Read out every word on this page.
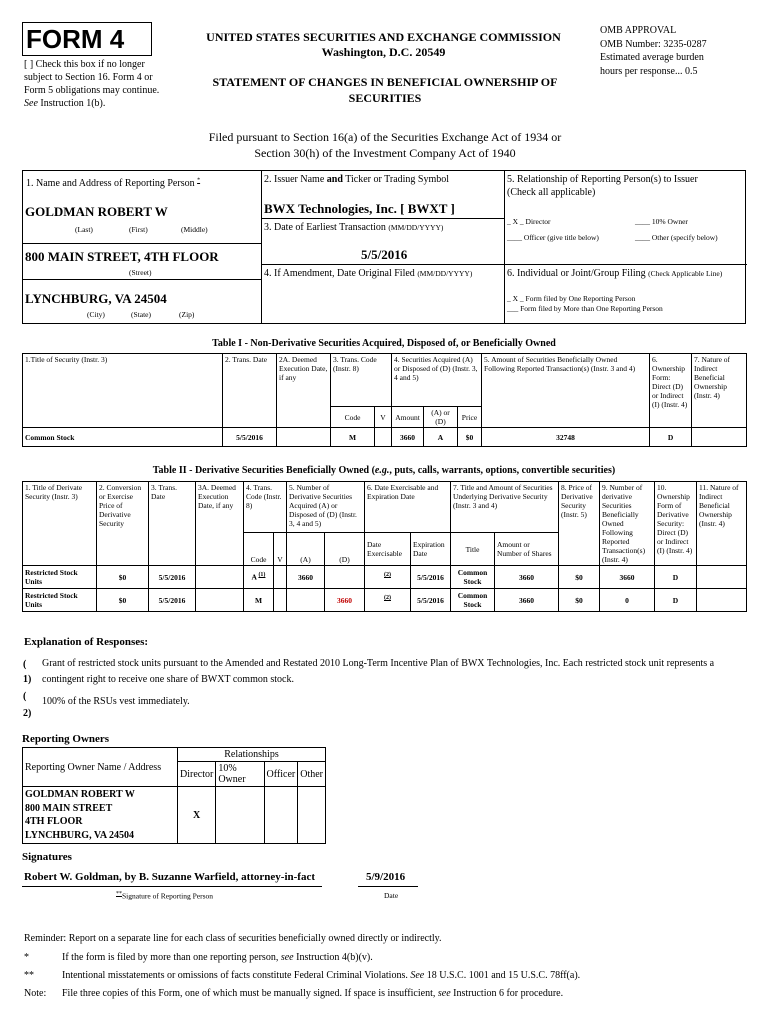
FORM 4
[ ] Check this box if no longer subject to Section 16. Form 4 or Form 5 obligations may continue. See Instruction 1(b).
UNITED STATES SECURITIES AND EXCHANGE COMMISSION
Washington, D.C. 20549
STATEMENT OF CHANGES IN BENEFICIAL OWNERSHIP OF SECURITIES
OMB APPROVAL
OMB Number: 3235-0287
Estimated average burden
hours per response... 0.5
Filed pursuant to Section 16(a) of the Securities Exchange Act of 1934 or
Section 30(h) of the Investment Company Act of 1940
1. Name and Address of Reporting Person *
GOLDMAN ROBERT W
(Last)	(First)	(Middle)
800 MAIN STREET, 4TH FLOOR
(Street)
LYNCHBURG, VA 24504
(City)	(State)	(Zip)
2. Issuer Name and Ticker or Trading Symbol
BWX Technologies, Inc. [ BWXT ]
3. Date of Earliest Transaction (MM/DD/YYYY)
5/5/2016
4. If Amendment, Date Original Filed (MM/DD/YYYY)
5. Relationship of Reporting Person(s) to Issuer
(Check all applicable)
_ X _ Director	____ 10% Owner
____ Officer (give title below)	____ Other (specify below)
6. Individual or Joint/Group Filing (Check Applicable Line)
_ X _ Form filed by One Reporting Person
___ Form filed by More than One Reporting Person
Table I - Non-Derivative Securities Acquired, Disposed of, or Beneficially Owned
1.Title of Security (Instr. 3)	2. Trans. Date	2A. Deemed Execution Date, if any	3. Trans. Code (Instr. 8)		4. Securities Acquired (A) or Disposed of (D) (Instr. 3, 4 and 5)			5. Amount of Securities Beneficially Owned Following Reported Transaction(s) (Instr. 3 and 4)	6. Ownership Form: Direct (D) or Indirect (I) (Instr. 4)	7. Nature of Indirect Beneficial Ownership (Instr. 4)
			Code	V	Amount	(A) or (D)	Price			
Common Stock	5/5/2016		M		3660	A	$0	32748	D	
Table II - Derivative Securities Beneficially Owned (e.g., puts, calls, warrants, options, convertible securities)
1. Title of Derivate Security (Instr. 3)	2. Conversion or Exercise Price of Derivative Security	3. Trans. Date	3A. Deemed Execution Date, if any	4. Trans. Code (Instr. 8)		5. Number of Derivative Securities Acquired (A) or Disposed of (D) (Instr. 3, 4 and 5)		6. Date Exercisable and Expiration Date		7. Title and Amount of Securities Underlying Derivative Security (Instr. 3 and 4)		8. Price of Derivative Security (Instr. 5)	9. Number of derivative Securities Beneficially Owned Following Reported Transaction(s) (Instr. 4)	10. Ownership Form of Derivative Security: Direct (D) or Indirect (I) (Instr. 4)	11. Nature of Indirect Beneficial Ownership (Instr. 4)
				Code	V	(A)	(D)	Date Exercisable	Expiration Date	Title	Amount or Number of Shares				
Restricted Stock Units	$0	5/5/2016		A $^{(1)}$		3660		$^{(2)}$	5/5/2016	Common Stock	3660	$0	3660	D	
Restricted Stock Units	$0	5/5/2016		M			3660	$^{(2)}$	5/5/2016	Common Stock	3660	$0	0	D	
Explanation of Responses:
( 1)
Grant of restricted stock units pursuant to the Amended and Restated 2010 Long-Term Incentive Plan of BWX Technologies, Inc. Each restricted stock unit represents a contingent right to receive one share of BWXT common stock.
( 2)
100% of the RSUs vest immediately.
Reporting Owners
Reporting Owner Name / Address	Relationships			
	Director	10% Owner	Officer	Other

GOLDMAN ROBERT W
800 MAIN STREET
4TH FLOOR
LYNCHBURG, VA 24504	X			
Signatures
Robert W. Goldman, by B. Suzanne Warfield, attorney-in-fact	5/9/2016
**Signature of Reporting Person	Date
Reminder: Report on a separate line for each class of securities beneficially owned directly or indirectly.
*	If the form is filed by more than one reporting person, see Instruction 4(b)(v).
**	Intentional misstatements or omissions of facts constitute Federal Criminal Violations. See 18 U.S.C. 1001 and 15 U.S.C. 78ff(a).
Note: File three copies of this Form, one of which must be manually signed. If space is insufficient, see Instruction 6 for procedure.
